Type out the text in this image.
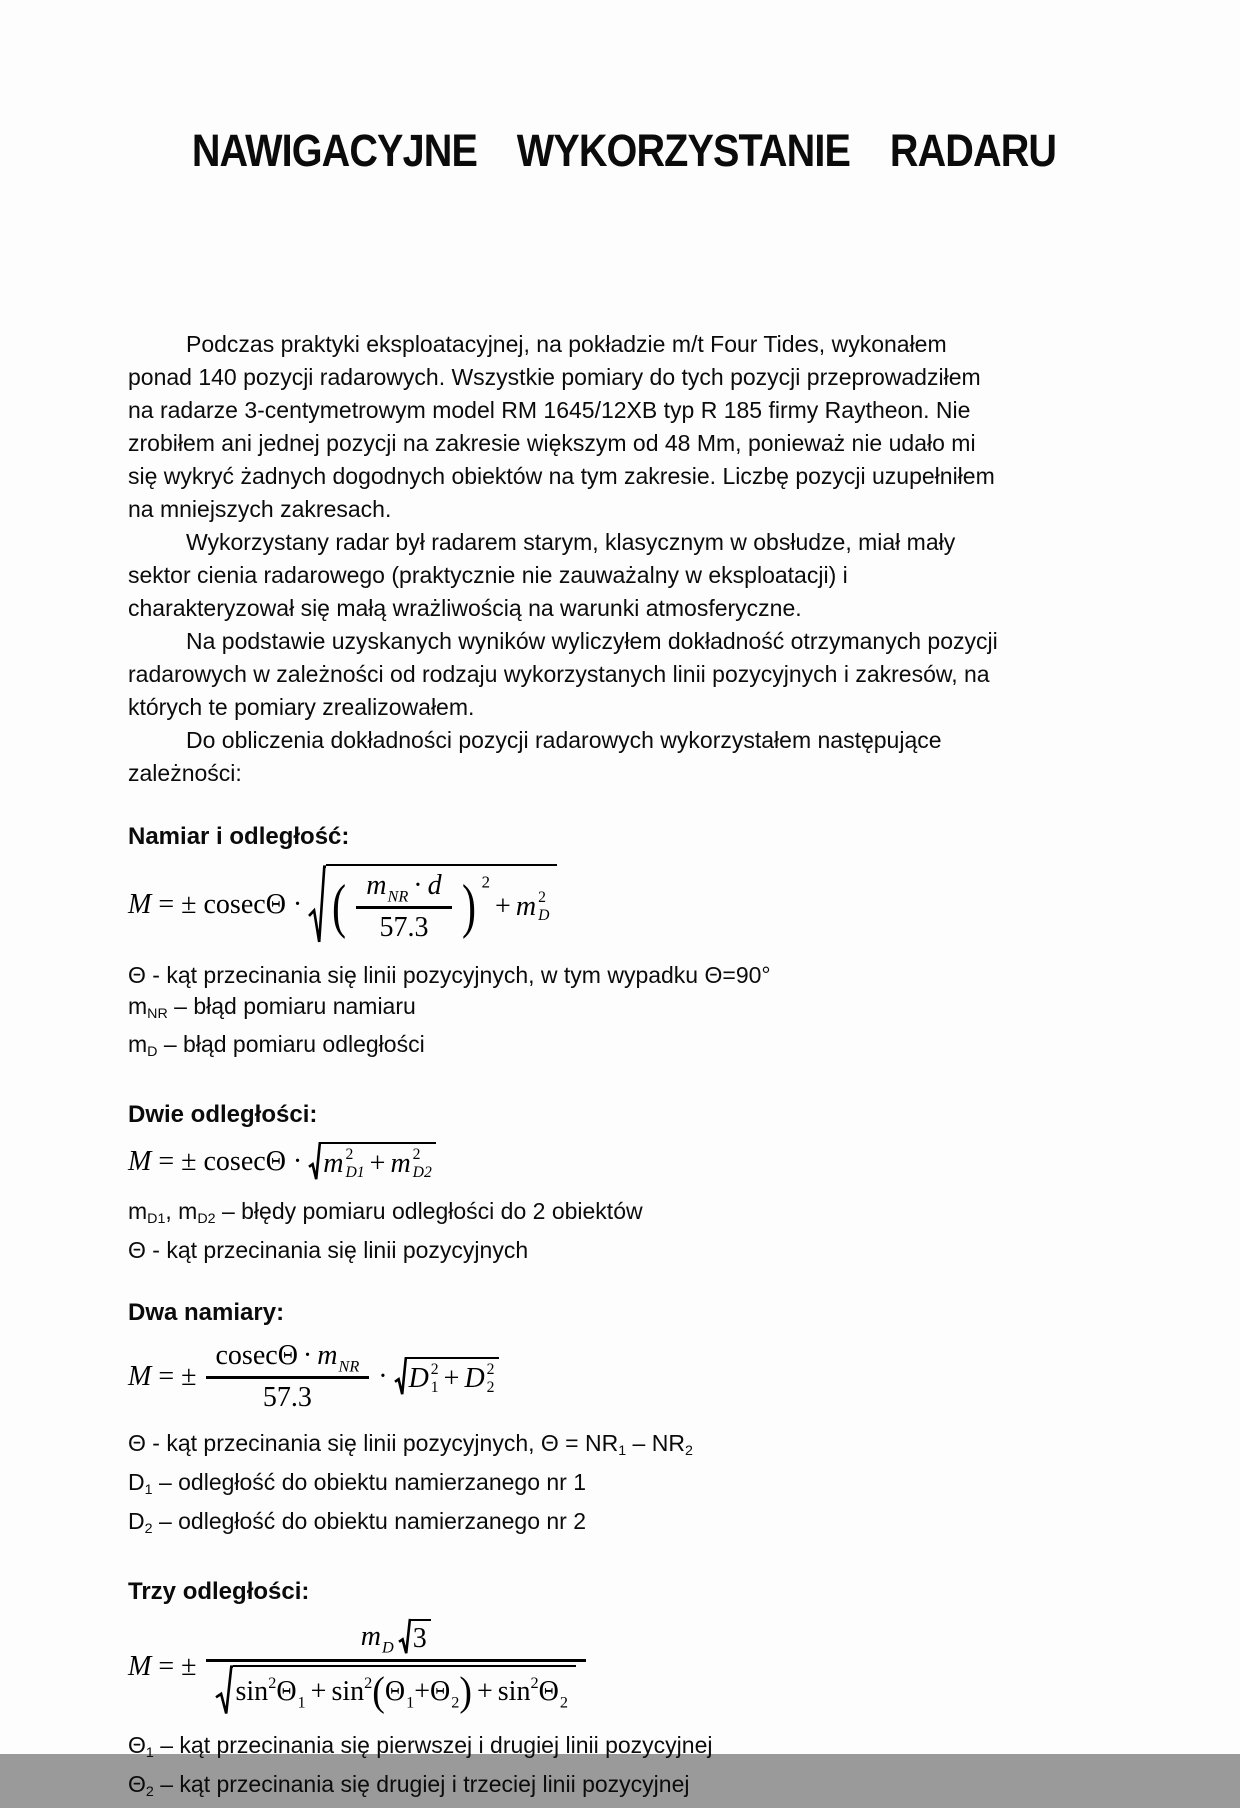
NAWIGACYJNE WYKORZYSTANIE RADARU
Podczas praktyki eksploatacyjnej, na pokładzie m/t Four Tides, wykonałem
ponad 140 pozycji radarowych. Wszystkie pomiary do tych pozycji przeprowadziłem
na radarze 3-centymetrowym model RM 1645/12XB typ R 185 firmy Raytheon. Nie
zrobiłem ani jednej pozycji na zakresie większym od 48 Mm, ponieważ nie udało mi
się wykryć żadnych dogodnych obiektów na tym zakresie. Liczbę pozycji uzupełniłem
na mniejszych zakresach.
Wykorzystany radar był radarem starym, klasycznym w obsłudze, miał mały
sektor cienia radarowego (praktycznie nie zauważalny w eksploatacji) i
charakteryzował się małą wrażliwością na warunki atmosferyczne.
Na podstawie uzyskanych wyników wyliczyłem dokładność otrzymanych pozycji
radarowych w zależności od rodzaju wykorzystanych linii pozycyjnych i zakresów, na
których te pomiary zrealizowałem.
Do obliczenia dokładności pozycji radarowych wykorzystałem następujące
zależności:
Namiar i odległość:
M = ± cosec Θ · ( m NR · d
57.3 ) 2
+ m 2
D
Θ - kąt przecinania się linii pozycyjnych, w tym wypadku Θ=90°
mNR – błąd pomiaru namiaru
mD – błąd pomiaru odległości
Dwie odległości:
M = ± cosec Θ · m 2
D1 + m 2
D2
mD1, mD2 – błędy pomiaru odległości do 2 obiektów
Θ - kąt przecinania się linii pozycyjnych
Dwa namiary:
M = ±
cosec Θ · m NR
57.3
· D 2
1 + D 2
2
Θ - kąt przecinania się linii pozycyjnych, Θ = NR1 – NR2
D1 – odległość do obiektu namierzanego nr 1
D2 – odległość do obiektu namierzanego nr 2
Trzy odległości:
M = ±
m D 3
sin 2 Θ 1 + sin 2 ( Θ 1 + Θ 2 ) + sin 2 Θ 2
Θ1 – kąt przecinania się pierwszej i drugiej linii pozycyjnej
Θ2 – kąt przecinania się drugiej i trzeciej linii pozycyjnej
